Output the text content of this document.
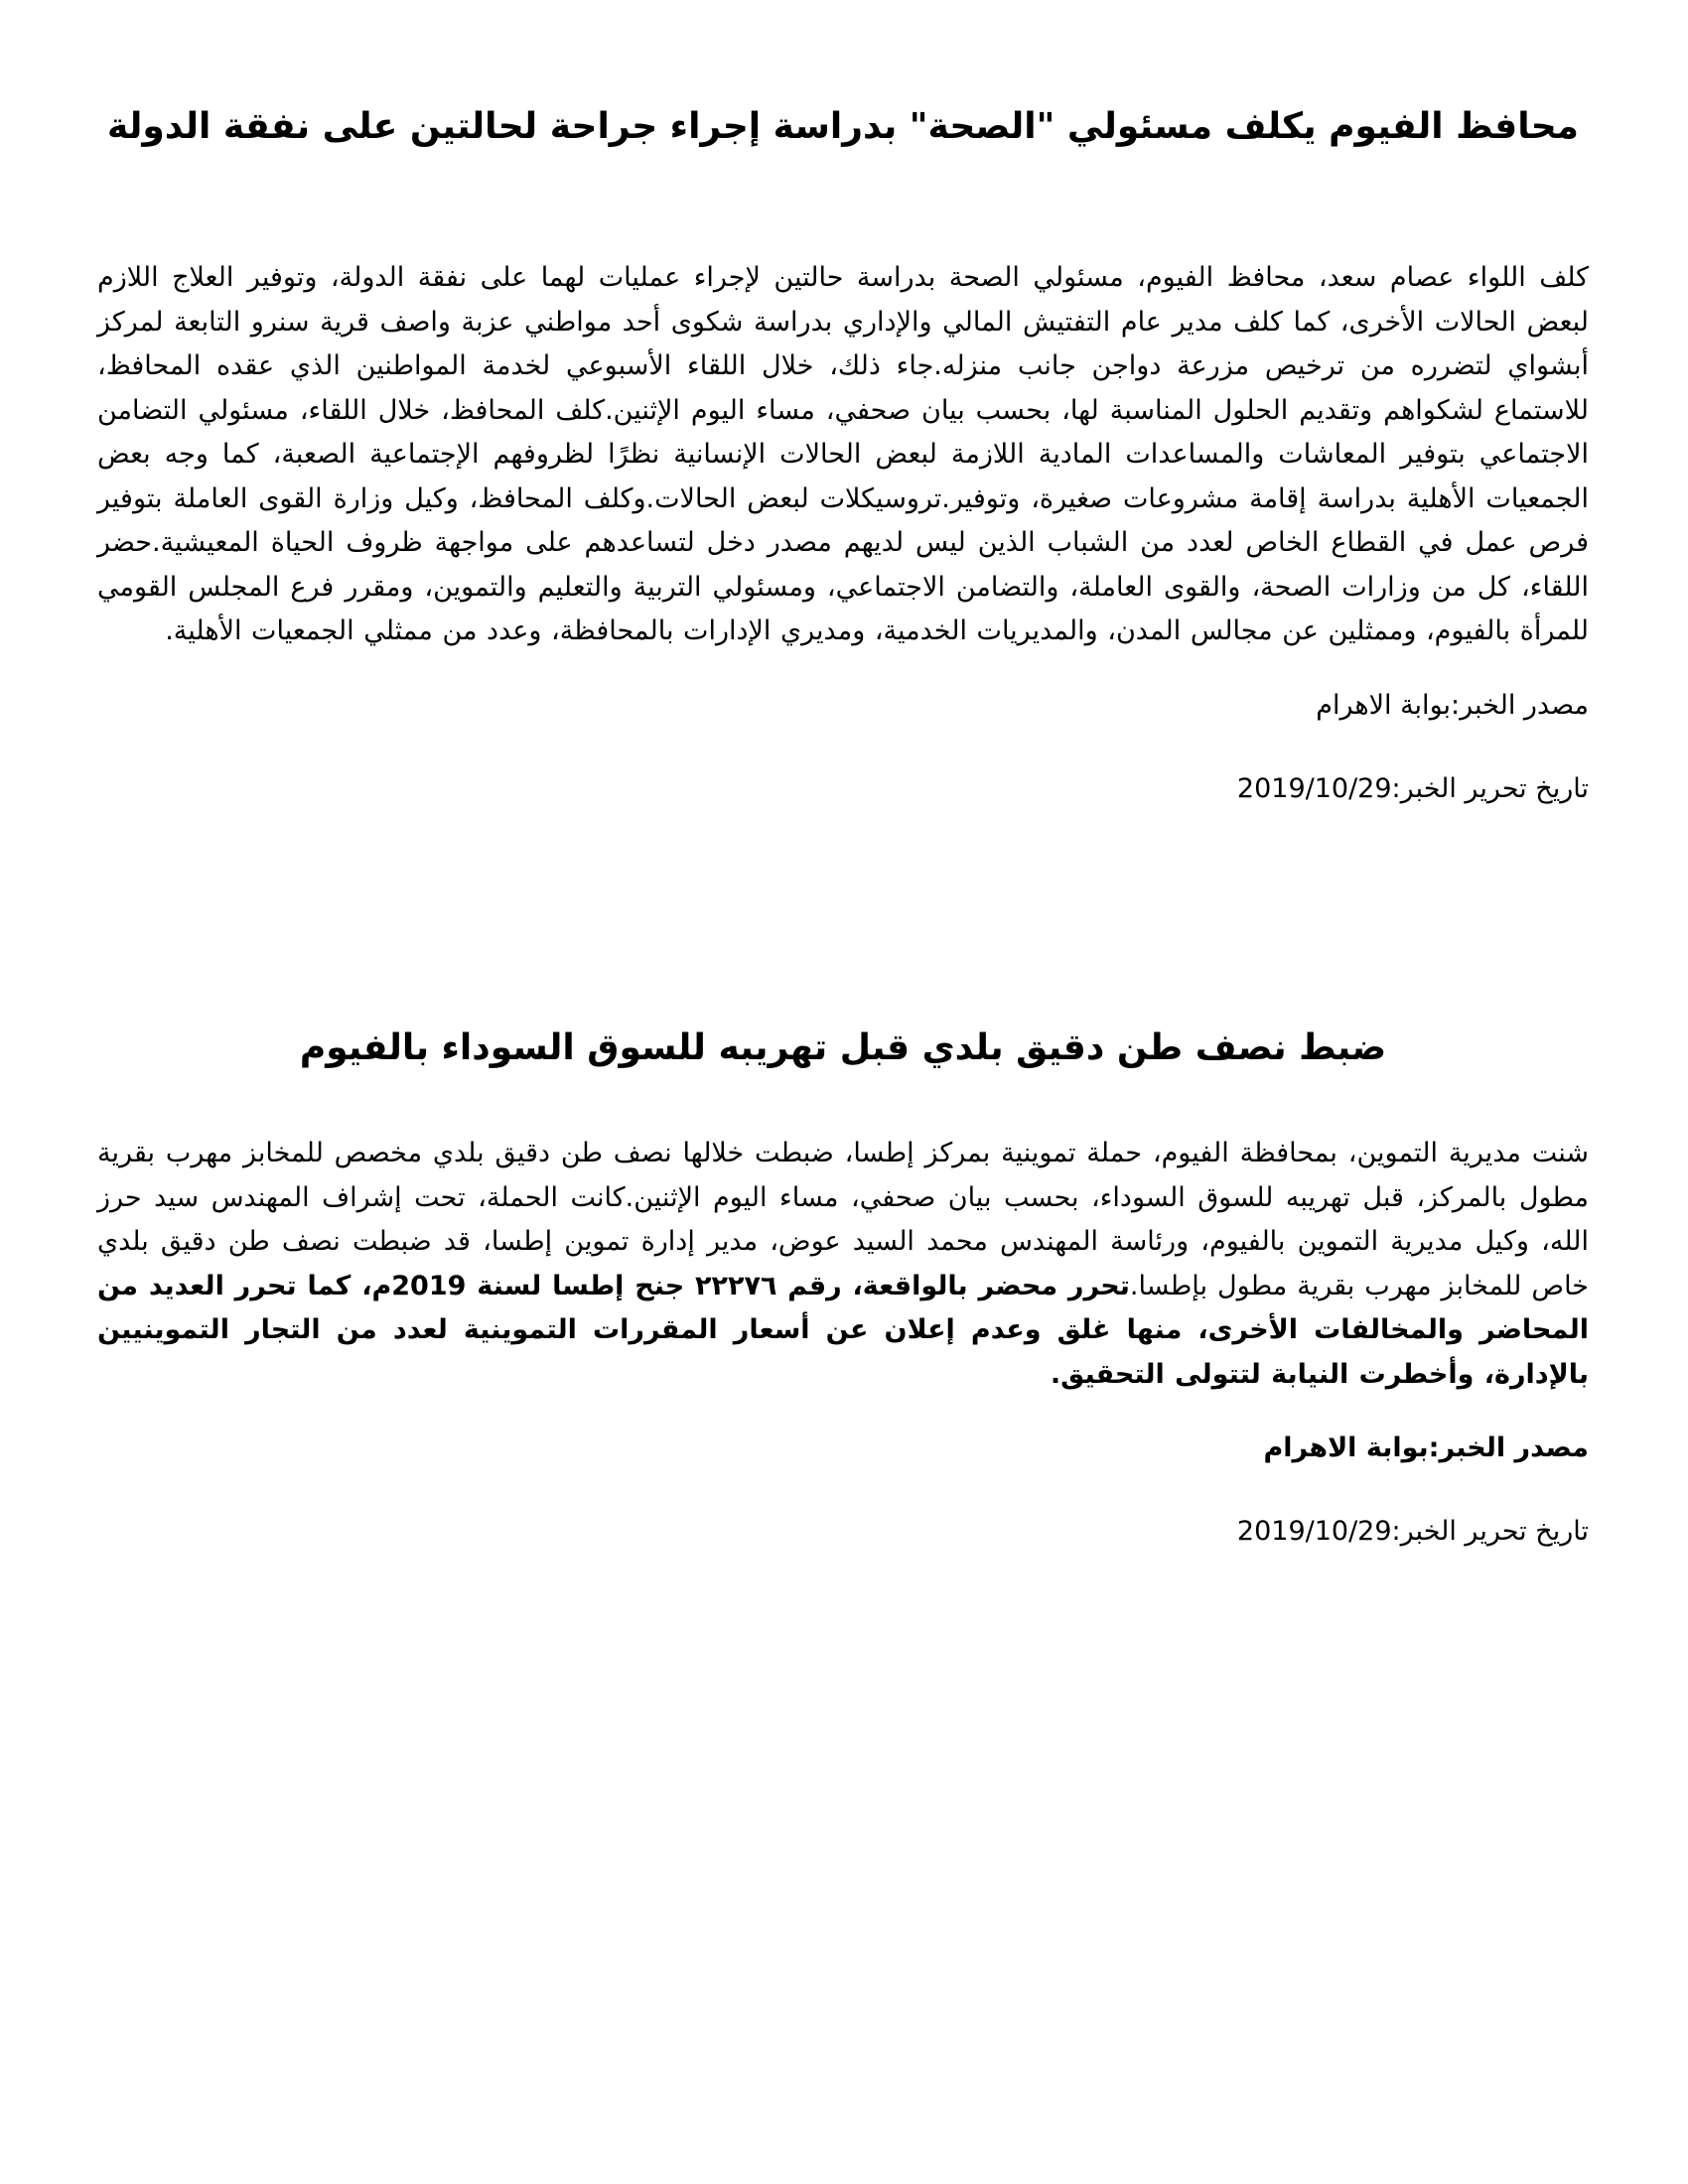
محافظ الفيوم يكلف مسئولي "الصحة" بدراسة إجراء جراحة لحالتين على نفقة الدولة

كلف اللواء عصام سعد، محافظ الفيوم، مسئولي الصحة بدراسة حالتين لإجراء عمليات لهما على نفقة الدولة، وتوفير العلاج اللازم لبعض الحالات الأخرى، كما كلف مدير عام التفتيش المالي والإداري بدراسة شكوى أحد مواطني عزبة واصف قرية سنرو التابعة لمركز أبشواي لتضرره من ترخيص مزرعة دواجن جانب منزله.جاء ذلك، خلال اللقاء الأسبوعي لخدمة المواطنين الذي عقده المحافظ، للاستماع لشكواهم وتقديم الحلول المناسبة لها، بحسب بيان صحفي، مساء اليوم الإثنين.كلف المحافظ، خلال اللقاء، مسئولي التضامن الاجتماعي بتوفير المعاشات والمساعدات المادية اللازمة لبعض الحالات الإنسانية نظرًا لظروفهم الإجتماعية الصعبة، كما وجه بعض الجمعيات الأهلية بدراسة إقامة مشروعات صغيرة، وتوفير.تروسيكلات لبعض الحالات.وكلف المحافظ، وكيل وزارة القوى العاملة بتوفير فرص عمل في القطاع الخاص لعدد من الشباب الذين ليس لديهم مصدر دخل لتساعدهم على مواجهة ظروف الحياة المعيشية.حضر اللقاء، كل من وزارات الصحة، والقوى العاملة، والتضامن الاجتماعي، ومسئولي التربية والتعليم والتموين، ومقرر فرع المجلس القومي للمرأة بالفيوم، وممثلين عن مجالس المدن، والمديريات الخدمية، ومديري الإدارات بالمحافظة، وعدد من ممثلي الجمعيات الأهلية.

مصدر الخبر:بوابة الاهرام

تاريخ تحرير الخبر:2019/10/29

ضبط نصف طن دقيق بلدي قبل تهريبه للسوق السوداء بالفيوم

شنت مديرية التموين، بمحافظة الفيوم، حملة تموينية بمركز إطسا، ضبطت خلالها نصف طن دقيق بلدي مخصص للمخابز مهرب بقرية مطول بالمركز، قبل تهريبه للسوق السوداء، بحسب بيان صحفي، مساء اليوم الإثنين.كانت الحملة، تحت إشراف المهندس سيد حرز الله، وكيل مديرية التموين بالفيوم، ورئاسة المهندس محمد السيد عوض، مدير إدارة تموين إطسا، قد ضبطت نصف طن دقيق بلدي خاص للمخابز مهرب بقرية مطول بإطسا.تحرر محضر بالواقعة، رقم ٢٢٢٧٦ جنح إطسا لسنة 2019م، كما تحرر العديد من المحاضر والمخالفات الأخرى، منها غلق وعدم إعلان عن أسعار المقررات التموينية لعدد من التجار التموينيين بالإدارة، وأخطرت النيابة لتتولى التحقيق.

مصدر الخبر:بوابة الاهرام

تاريخ تحرير الخبر:2019/10/29
